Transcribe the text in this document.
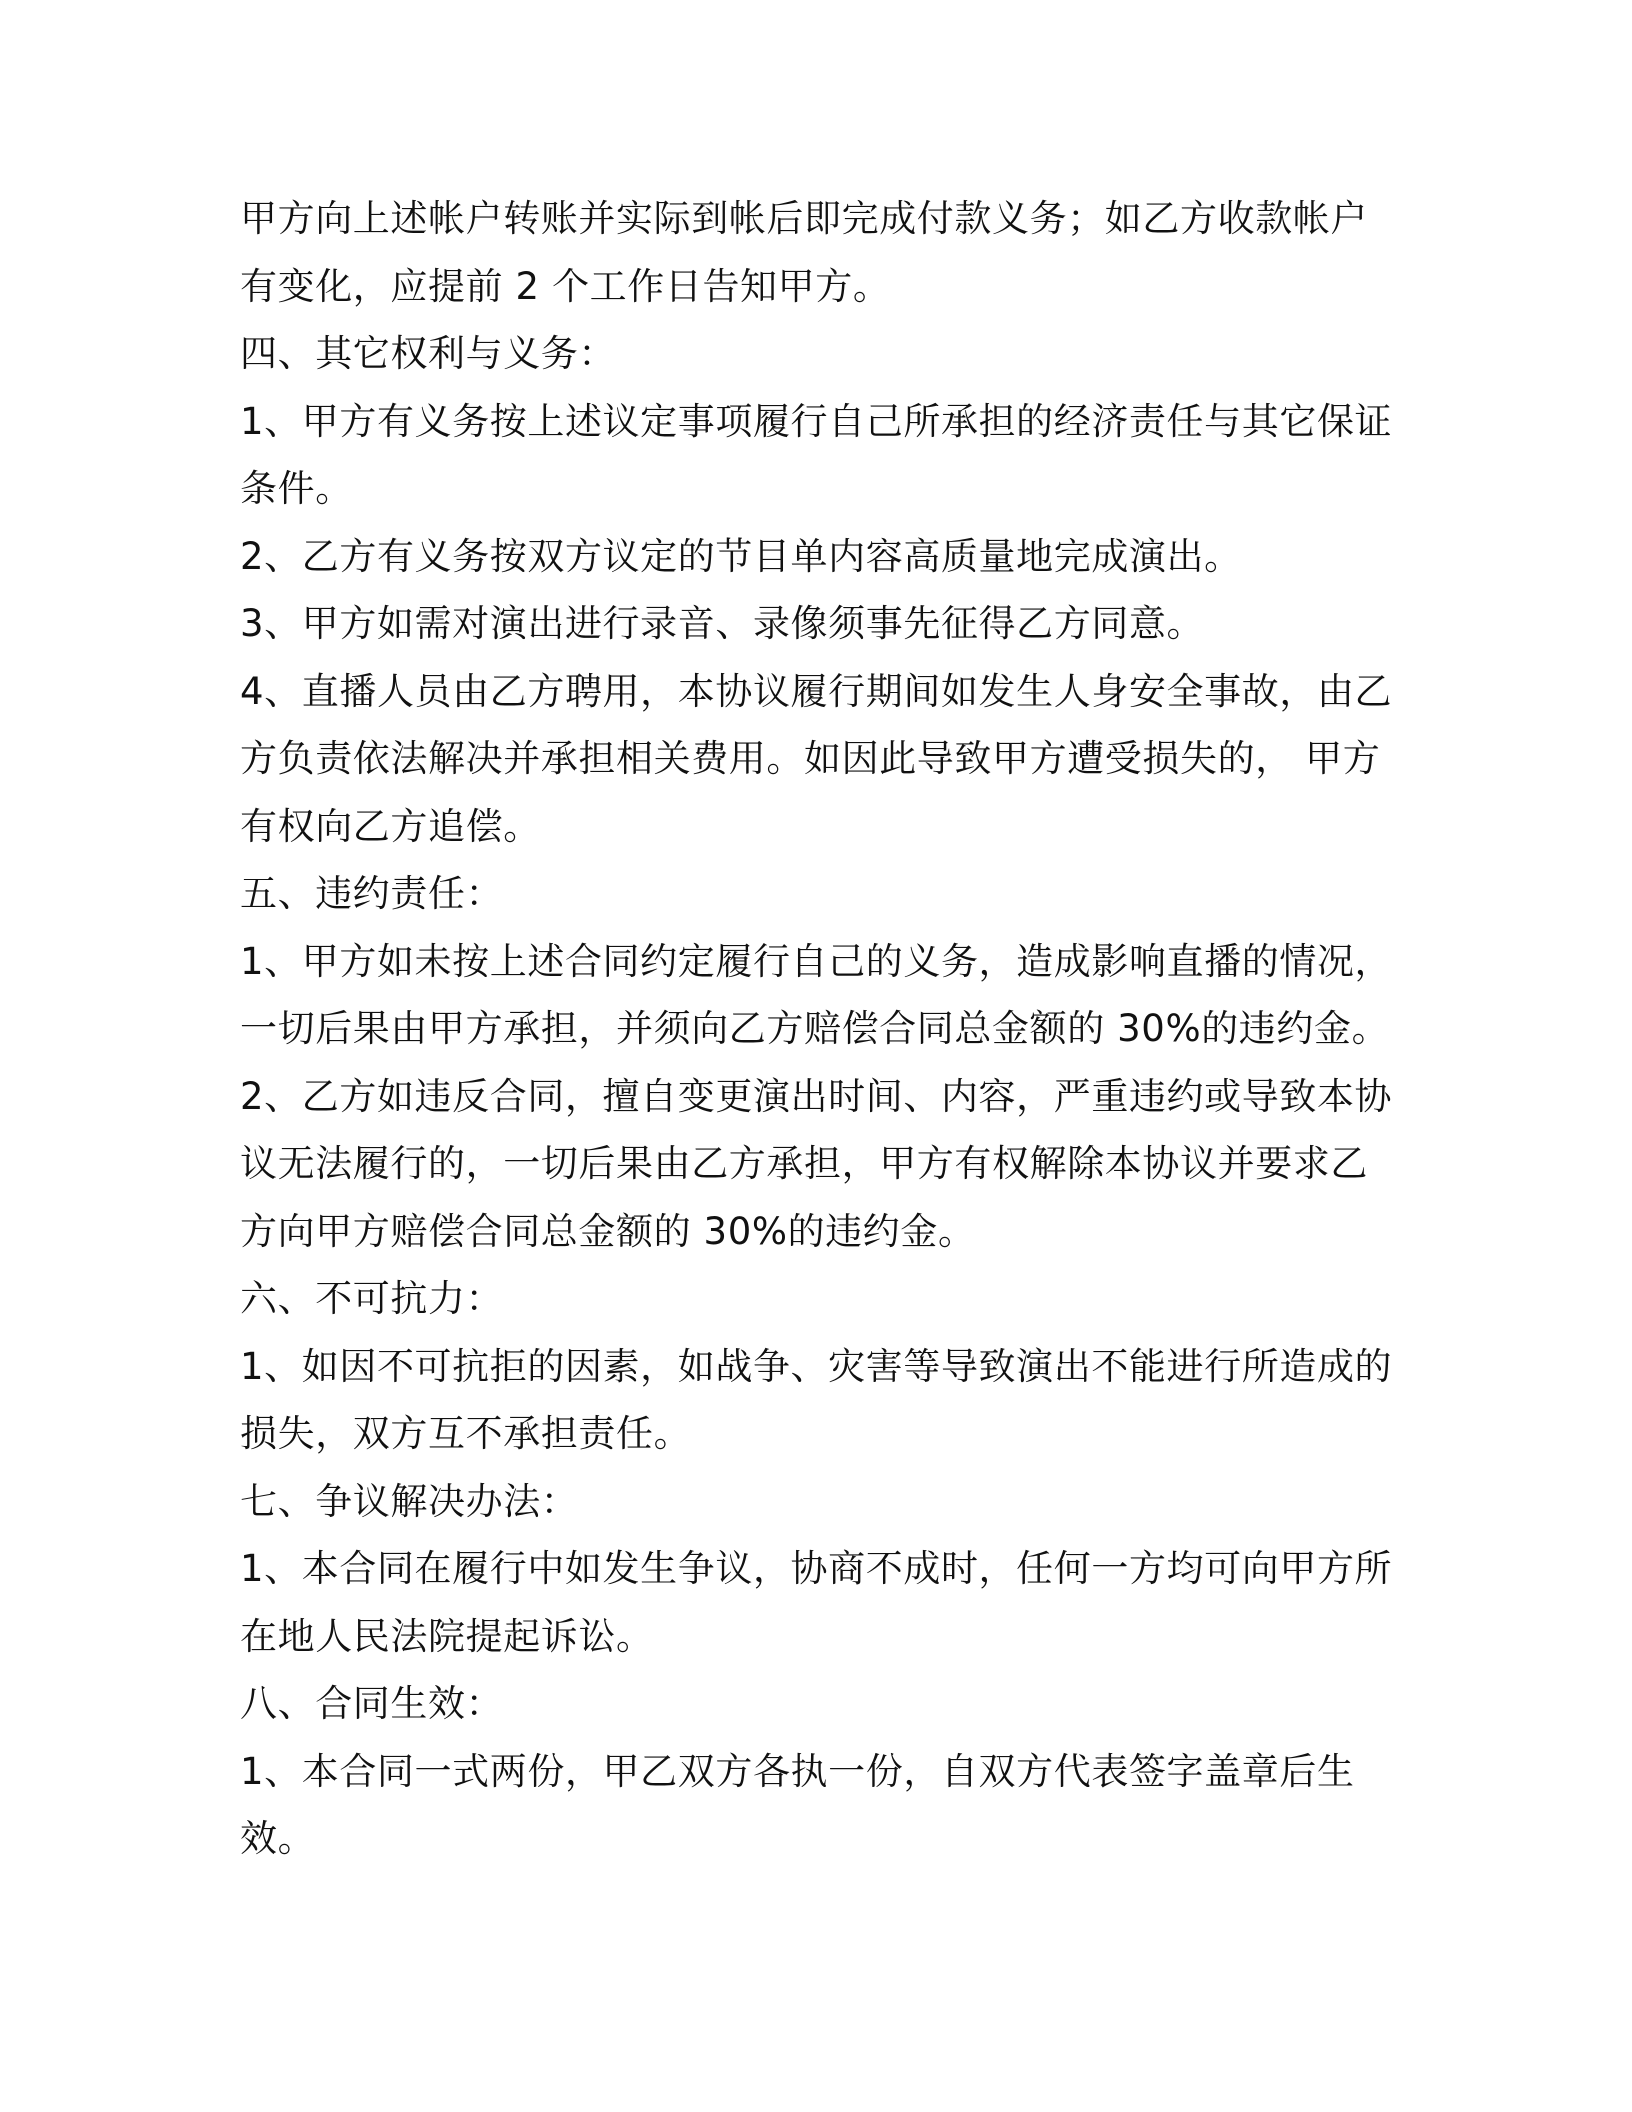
甲方向上述帐户转账并实际到帐后即完成付款义务；如乙方收款帐户有变化，应提前 2 个工作日告知甲方。

四、其它权利与义务：

1、甲方有义务按上述议定事项履行自己所承担的经济责任与其它保证条件。

2、乙方有义务按双方议定的节目单内容高质量地完成演出。

3、甲方如需对演出进行录音、录像须事先征得乙方同意。

4、直播人员由乙方聘用，本协议履行期间如发生人身安全事故，由乙方负责依法解决并承担相关费用。如因此导致甲方遭受损失的， 甲方有权向乙方追偿。

五、违约责任：

1、甲方如未按上述合同约定履行自己的义务，造成影响直播的情况，一切后果由甲方承担，并须向乙方赔偿合同总金额的 30%的违约金。

2、乙方如违反合同，擅自变更演出时间、内容，严重违约或导致本协议无法履行的，一切后果由乙方承担，甲方有权解除本协议并要求乙方向甲方赔偿合同总金额的 30%的违约金。

六、不可抗力：

1、如因不可抗拒的因素，如战争、灾害等导致演出不能进行所造成的损失，双方互不承担责任。

七、争议解决办法：

1、本合同在履行中如发生争议，协商不成时，任何一方均可向甲方所在地人民法院提起诉讼。

八、合同生效：

1、本合同一式两份，甲乙双方各执一份，自双方代表签字盖章后生效。
